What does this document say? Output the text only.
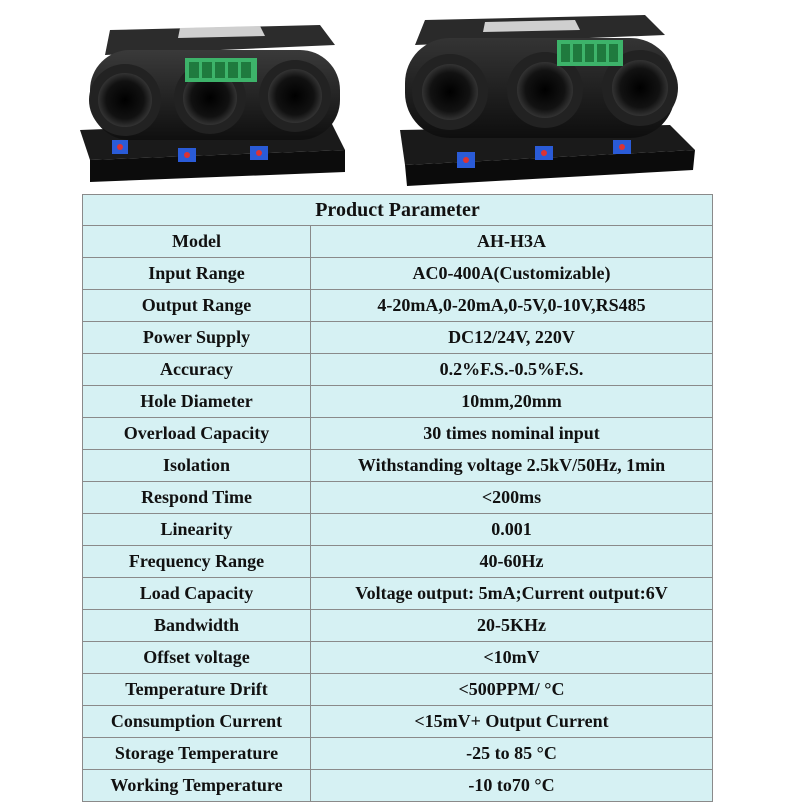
Product Parameter	
Model	AH-H3A
Input Range	AC0-400A(Customizable)
Output Range	4-20mA,0-20mA,0-5V,0-10V,RS485
Power Supply	DC12/24V, 220V
Accuracy	0.2%F.S.-0.5%F.S.
Hole Diameter	10mm,20mm
Overload Capacity	30 times nominal input
Isolation	Withstanding voltage 2.5kV/50Hz, 1min
Respond Time	<200ms
Linearity	0.001
Frequency Range	40-60Hz
Load Capacity	Voltage output: 5mA;Current output:6V
Bandwidth	20-5KHz
Offset voltage	<10mV
Temperature Drift	<500PPM/ °C
Consumption Current	<15mV+ Output Current
Storage Temperature	-25 to 85 °C
Working Temperature	-10 to70 °C
